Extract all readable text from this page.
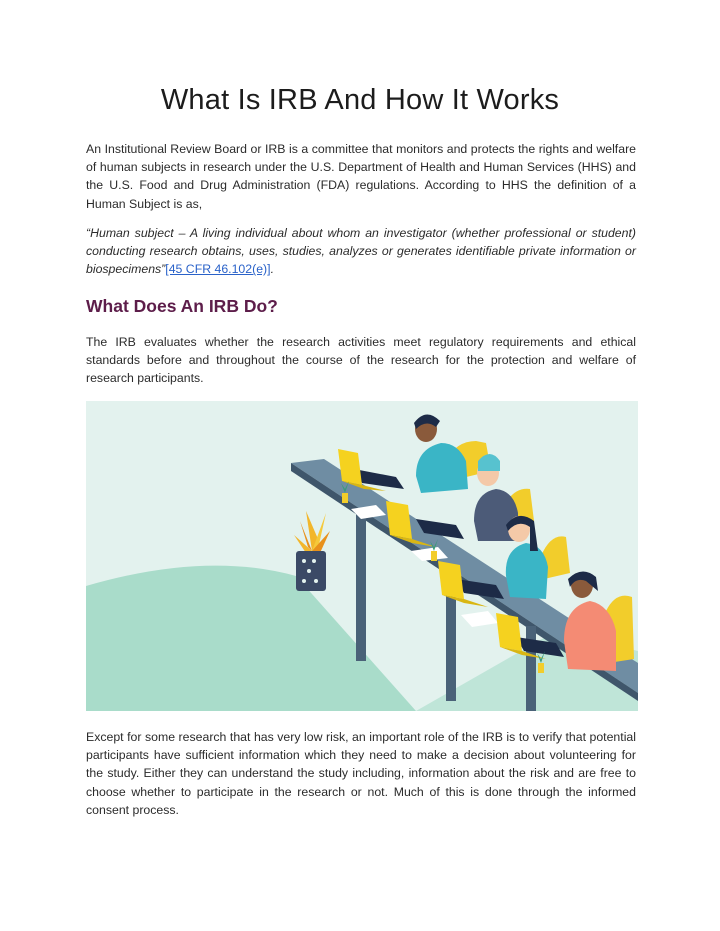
What Is IRB And How It Works

An Institutional Review Board or IRB is a committee that monitors and protects the rights and welfare of human subjects in research under the U.S. Department of Health and Human Services (HHS) and the U.S. Food and Drug Administration (FDA) regulations. According to HHS the definition of a Human Subject is as,

“Human subject – A living individual about whom an investigator (whether professional or student) conducting research obtains, uses, studies, analyzes or generates identifiable private information or biospecimens”[45 CFR 46.102(e)].

What Does An IRB Do?

The IRB evaluates whether the research activities meet regulatory requirements and ethical standards before and throughout the course of the research for the protection and welfare of research participants.

Except for some research that has very low risk, an important role of the IRB is to verify that potential participants have sufficient information which they need to make a decision about volunteering for the study. Either they can understand the study including, information about the risk and are free to choose whether to participate in the research or not. Much of this is done through the informed consent process.
